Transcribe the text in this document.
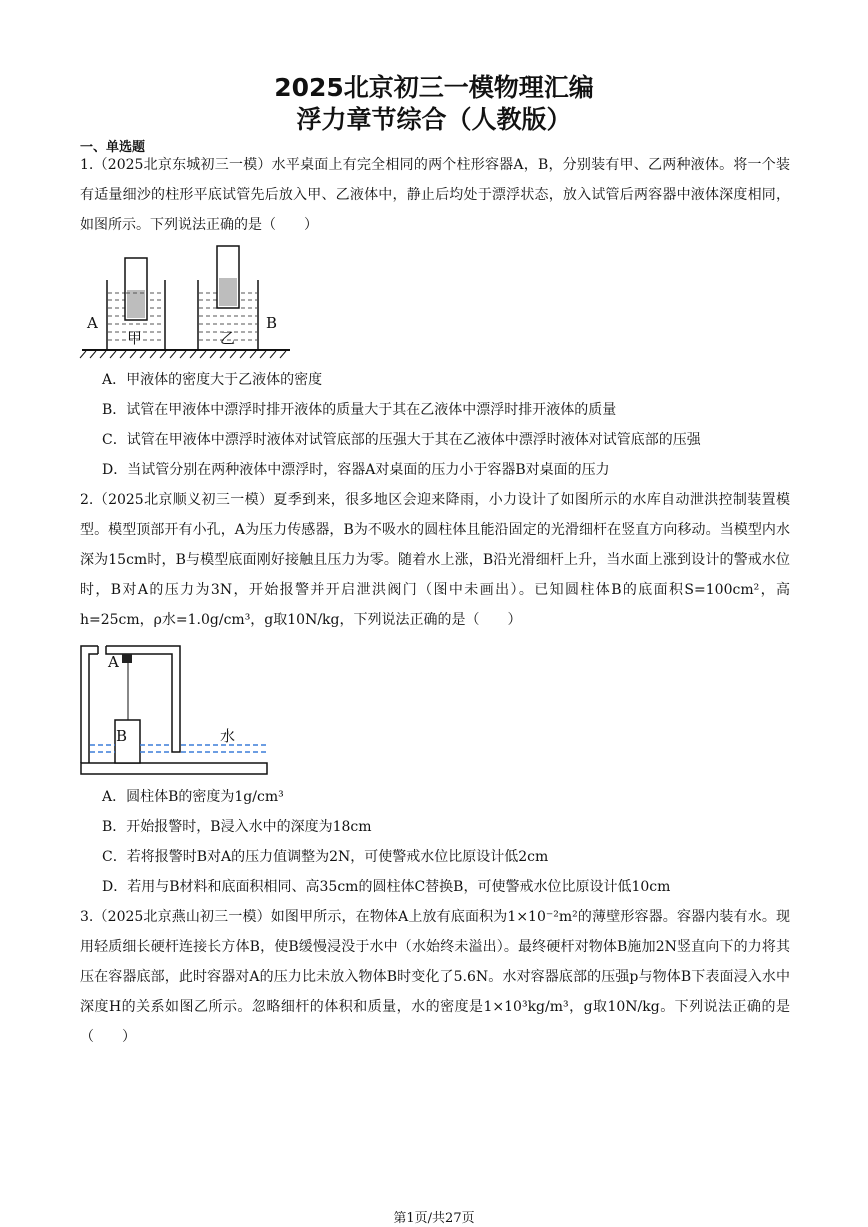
2025北京初三一模物理汇编
浮力章节综合（人教版）
一、单选题
1.（2025北京东城初三一模）水平桌面上有完全相同的两个柱形容器A，B，分别装有甲、乙两种液体。将一个装有适量细沙的柱形平底试管先后放入甲、乙液体中，静止后均处于漂浮状态，放入试管后两容器中液体深度相同，如图所示。下列说法正确的是（　　）
甲
A
乙
B
A．甲液体的密度大于乙液体的密度
B．试管在甲液体中漂浮时排开液体的质量大于其在乙液体中漂浮时排开液体的质量
C．试管在甲液体中漂浮时液体对试管底部的压强大于其在乙液体中漂浮时液体对试管底部的压强
D．当试管分别在两种液体中漂浮时，容器A对桌面的压力小于容器B对桌面的压力
2.（2025北京顺义初三一模）夏季到来，很多地区会迎来降雨，小力设计了如图所示的水库自动泄洪控制装置模型。模型顶部开有小孔，A为压力传感器，B为不吸水的圆柱体且能沿固定的光滑细杆在竖直方向移动。当模型内水深为15cm时，B与模型底面刚好接触且压力为零。随着水上涨，B沿光滑细杆上升，当水面上涨到设计的警戒水位时，B对A的压力为3N，开始报警并开启泄洪阀门（图中未画出）。已知圆柱体B的底面积S=100cm²，高h=25cm，ρ水=1.0g/cm³，g取10N/kg，下列说法正确的是（　　）
A
B	水
A．圆柱体B的密度为1g/cm³
B．开始报警时，B浸入水中的深度为18cm
C．若将报警时B对A的压力值调整为2N，可使警戒水位比原设计低2cm
D．若用与B材料和底面积相同、高35cm的圆柱体C替换B，可使警戒水位比原设计低10cm
3.（2025北京燕山初三一模）如图甲所示，在物体A上放有底面积为1×10⁻²m²的薄壁形容器。容器内装有水。现用轻质细长硬杆连接长方体B，使B缓慢浸没于水中（水始终未溢出）。最终硬杆对物体B施加2N竖直向下的力将其压在容器底部，此时容器对A的压力比未放入物体B时变化了5.6N。水对容器底部的压强p与物体B下表面浸入水中深度H的关系如图乙所示。忽略细杆的体积和质量，水的密度是1×10³kg/m³，g取10N/kg。下列说法正确的是（　　）
第1页/共27页
